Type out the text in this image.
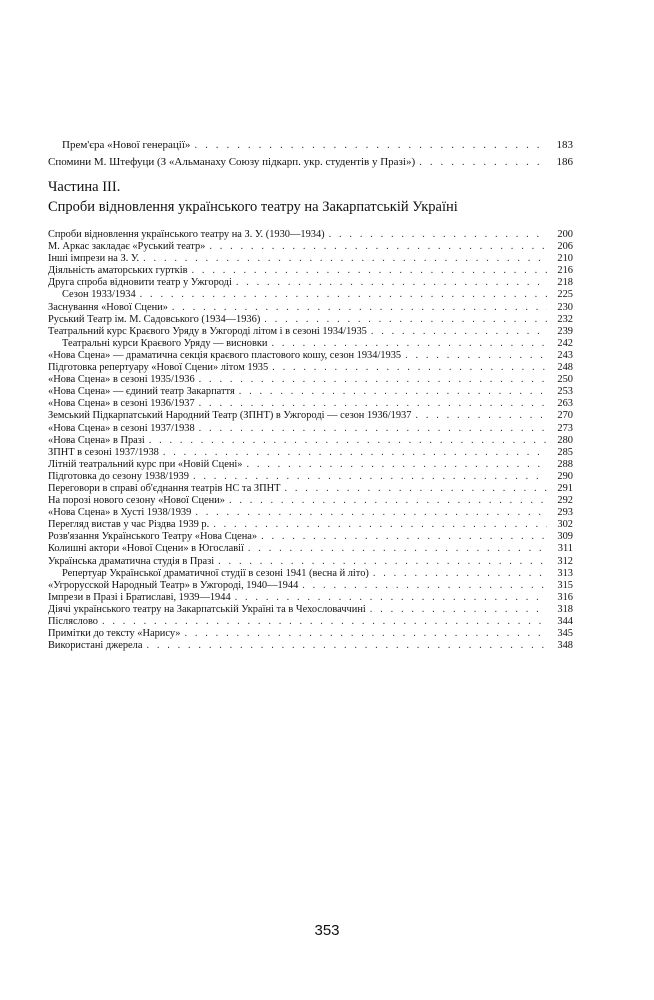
Прем'єра «Нової генерації» . . .	183
Спомини М. Штефуци (З «Альманаху Союзу підкарп. укр. студентів у Празі») . . .	186
Частина III.
Спроби відновлення українського театру на Закарпатській Україні
Спроби відновлення українського театру на З. У. (1930—1934) . . .	200
М. Аркас закладає «Руський театр» . . .	206
Інші імпрези на З. У. . . .	210
Діяльність аматорських гуртків . . .	216
Друга спроба відновити театр у Ужгороді . . .	218
Сезон 1933/1934 . . .	225
Заснування «Нової Сцени» . . .	230
Руський Театр ім. М. Садовського (1934—1936) . . .	232
Театральний курс Краєвого Уряду в Ужгороді літом і в сезоні 1934/1935 . . .	239
Театральні курси Краєвого Уряду — висновки . . .	242
«Нова Сцена» — драматична секція краєвого пластового кошу, сезон 1934/1935 . . .	243
Підготовка репертуару «Нової Сцени» літом 1935 . . .	248
«Нова Сцена» в сезоні 1935/1936 . . .	250
«Нова Сцена» — єдиний театр Закарпаття . . .	253
«Нова Сцена» в сезоні 1936/1937 . . .	263
Земський Підкарпатський Народний Театр (ЗПНТ) в Ужгороді — сезон 1936/1937 . . .	270
«Нова Сцена» в сезоні 1937/1938 . . .	273
«Нова Сцена» в Празі . . .	280
ЗПНТ в сезоні 1937/1938 . . .	285
Літній театральний курс при «Новій Сцені» . . .	288
Підготовка до сезону 1938/1939 . . .	290
Переговори в справі об'єднання театрів НС та ЗПНТ . . .	291
На порозі нового сезону «Нової Сцени» . . .	292
«Нова Сцена» в Хусті 1938/1939 . . .	293
Перегляд вистав у час Різдва 1939 р. . . .	302
Розв'язання Українського Театру «Нова Сцена» . . .	309
Колишні актори «Нової Сцени» в Югославії . . .	311
Українська драматична студія в Празі . . .	312
Репертуар Української драматичної студії в сезоні 1941 (весна й літо) . . .	313
«Угрорусской Народный Театр» в Ужгороді, 1940—1944 . . .	315
Імпрези в Празі і Братиславі, 1939—1944 . . .	316
Діячі українського театру на Закарпатській Україні та в Чехословаччині . . .	318
Післяслово . . .	344
Примітки до тексту «Нарису» . . .	345
Використані джерела . . .	348
353
